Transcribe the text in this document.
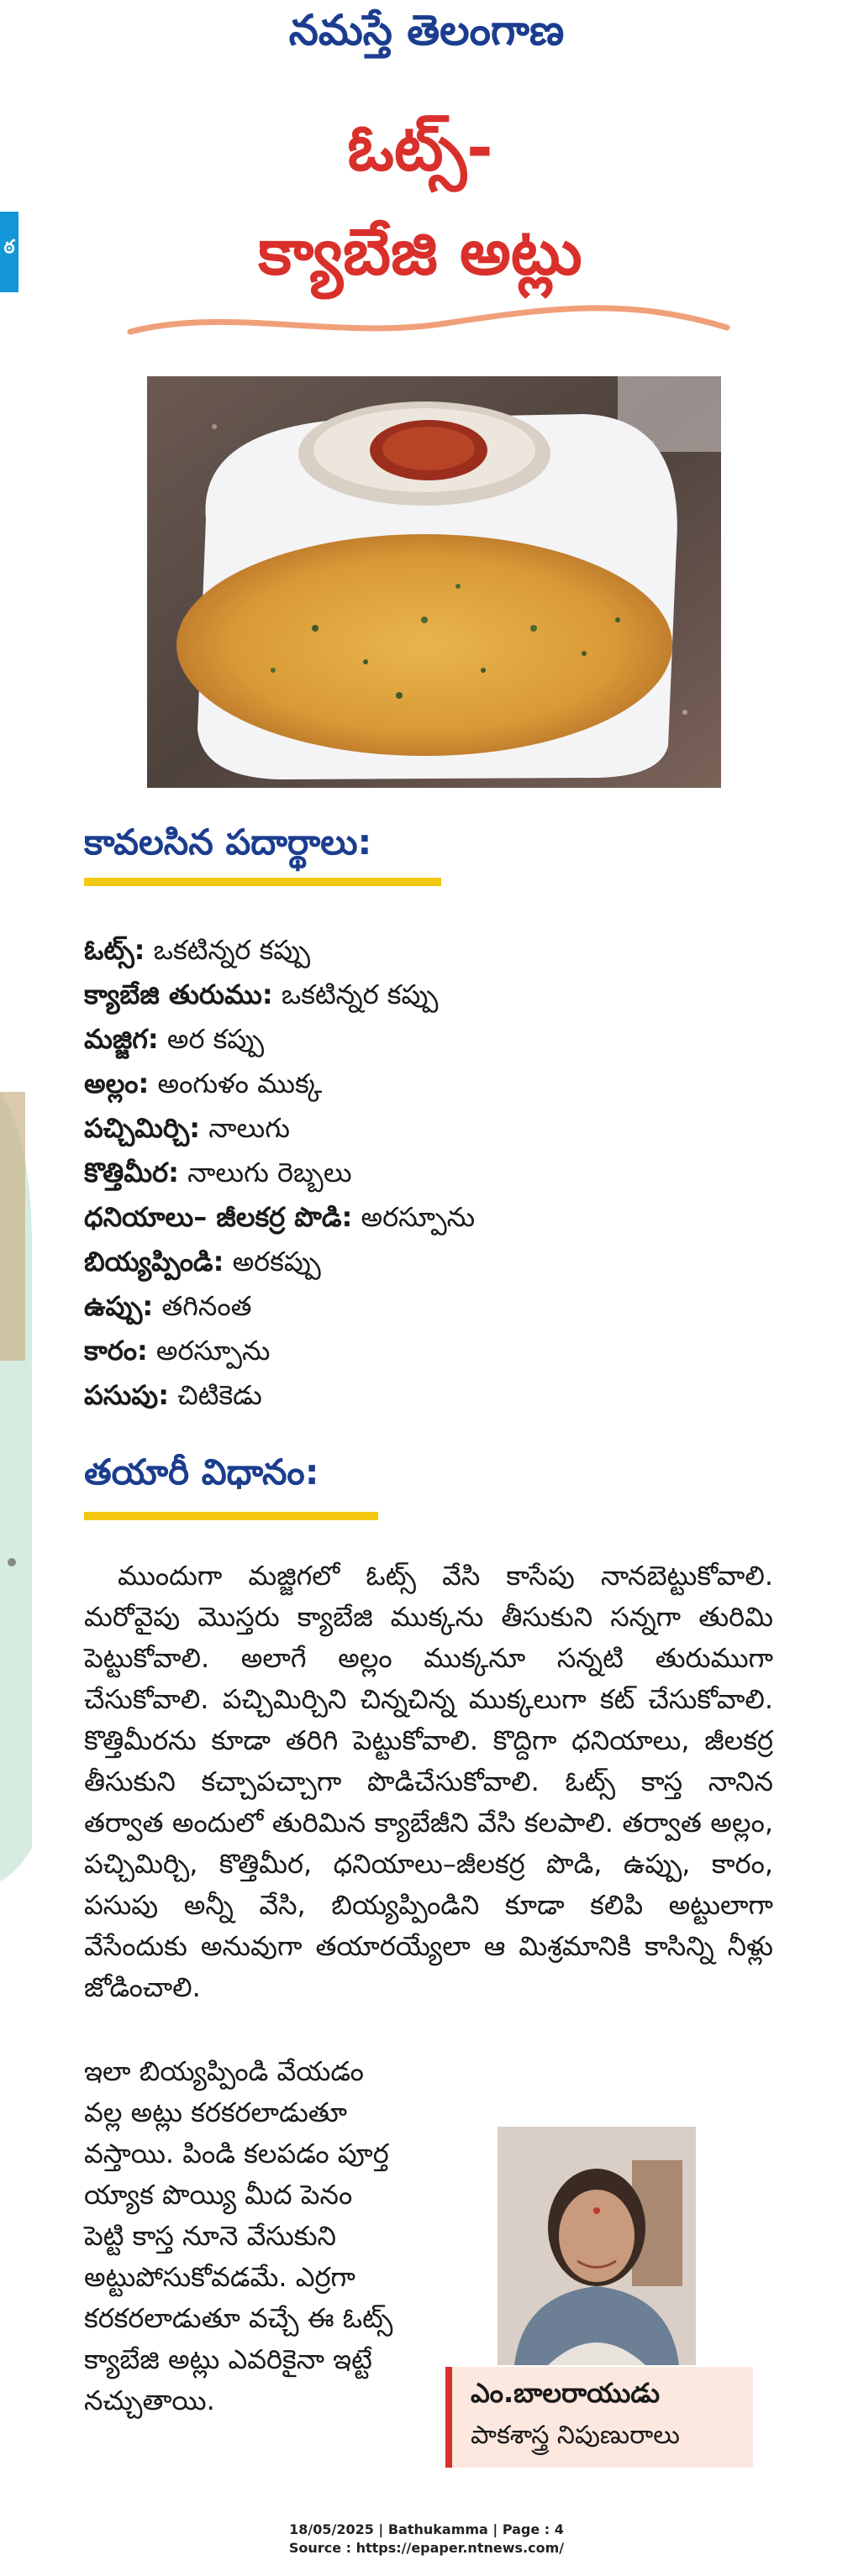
నమస్తే తెలంగాణ
ఠ
ఓట్స్-
క్యాబేజి అట్లు
కావలసిన పదార్థాలు:
ఓట్స్: ఒకటిన్నర కప్పు
క్యాబేజి తురుము: ఒకటిన్నర కప్పు
మజ్జిగ: అర కప్పు
అల్లం: అంగుళం ముక్క
పచ్చిమిర్చి: నాలుగు
కొత్తిమీర: నాలుగు రెబ్బలు
ధనియాలు– జీలకర్ర పొడి: అరస్పూను
బియ్యప్పిండి: అరకప్పు
ఉప్పు: తగినంత
కారం: అరస్పూను
పసుపు: చిటికెడు
తయారీ విధానం:

ముందుగా మజ్జిగలో ఓట్స్ వేసి కాసేపు నానబెట్టుకోవాలి. మరోవైపు మొస్తరు క్యాబేజి ముక్కను తీసుకుని సన్నగా తురిమి పెట్టుకోవాలి. అలాగే అల్లం ముక్కనూ సన్నటి తురుముగా చేసుకోవాలి. పచ్చిమిర్చిని చిన్నచిన్న ముక్కలుగా కట్ చేసుకోవాలి. కొత్తిమీరను కూడా తరిగి పెట్టుకోవాలి. కొద్దిగా ధనియాలు, జీలకర్ర తీసుకుని కచ్చాపచ్చాగా పొడిచేసుకోవాలి. ఓట్స్ కాస్త నానిన తర్వాత అందులో తురిమిన క్యాబేజీని వేసి కలపాలి. తర్వాత అల్లం, పచ్చిమిర్చి, కొత్తిమీర, ధనియాలు–జీలకర్ర పొడి, ఉప్పు, కారం, పసుపు అన్నీ వేసి, బియ్యప్పిండిని కూడా కలిపి అట్టులాగా వేసేందుకు అనువుగా తయారయ్యేలా ఆ మిశ్రమానికి కాసిన్ని నీళ్లు జోడించాలి.

ఇలా బియ్యప్పిండి వేయడం
వల్ల అట్లు కరకరలాడుతూ
వస్తాయి. పిండి కలపడం పూర్త
య్యాక పొయ్యి మీద పెనం
పెట్టి కాస్త నూనె వేసుకుని
అట్టుపోసుకోవడమే. ఎర్రగా
కరకరలాడుతూ వచ్చే ఈ ఓట్స్
క్యాబేజి అట్లు ఎవరికైనా ఇట్టే
నచ్చుతాయి.	ఎం.బాలరాయుడు
పాకశాస్త్ర నిపుణురాలు
18/05/2025 | Bathukamma | Page : 4
Source : https://epaper.ntnews.com/
